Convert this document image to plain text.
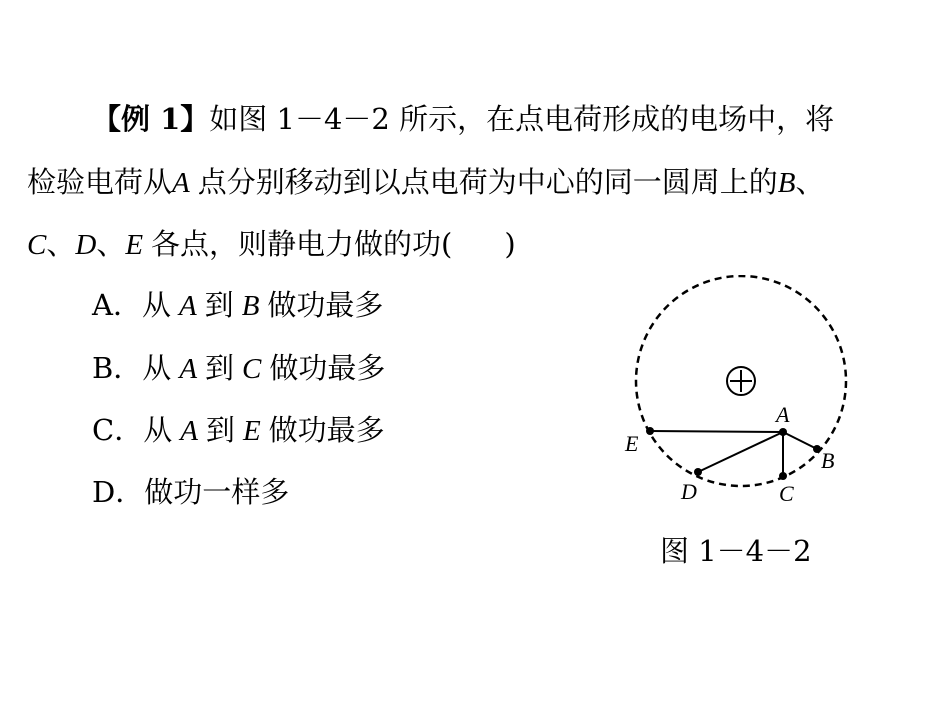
【例 1】如图 1－4－2 所示，在点电荷形成的电场中，将
检验电荷从A 点分别移动到以点电荷为中心的同一圆周上的B、
C、D、E 各点，则静电力做的功( )
A．从 A 到 B 做功最多
B．从 A 到 C 做功最多
C．从 A 到 E 做功最多
D．做功一样多
A
B
C
D
E
图 1－4－2
